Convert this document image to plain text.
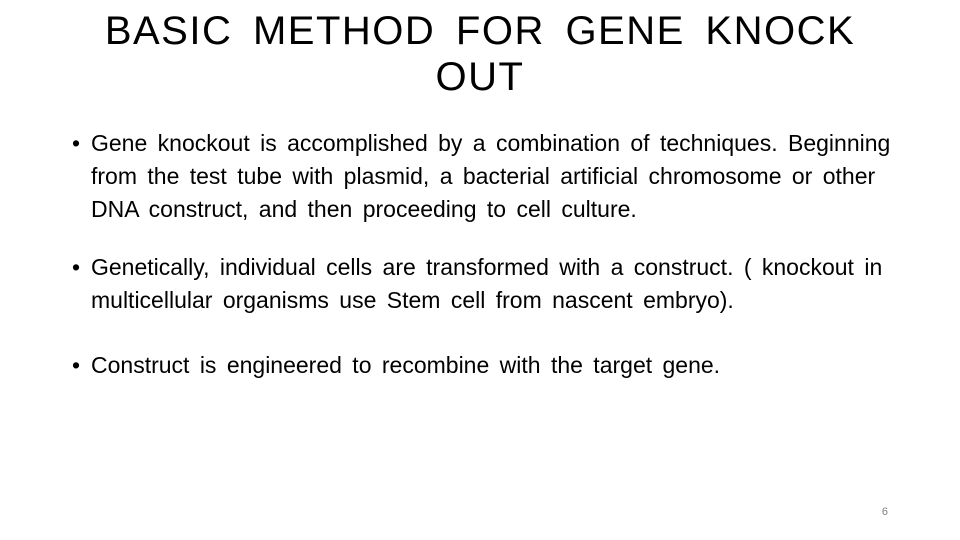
BASIC METHOD FOR GENE KNOCK OUT
• Gene knockout is accomplished by a combination of techniques. Beginning from the test tube with plasmid, a bacterial artificial chromosome or other DNA construct, and then proceeding to cell culture.
• Genetically, individual cells are transformed with a construct. ( knockout in multicellular organisms use Stem cell from nascent embryo).
• Construct is engineered to recombine with the target gene.
6
